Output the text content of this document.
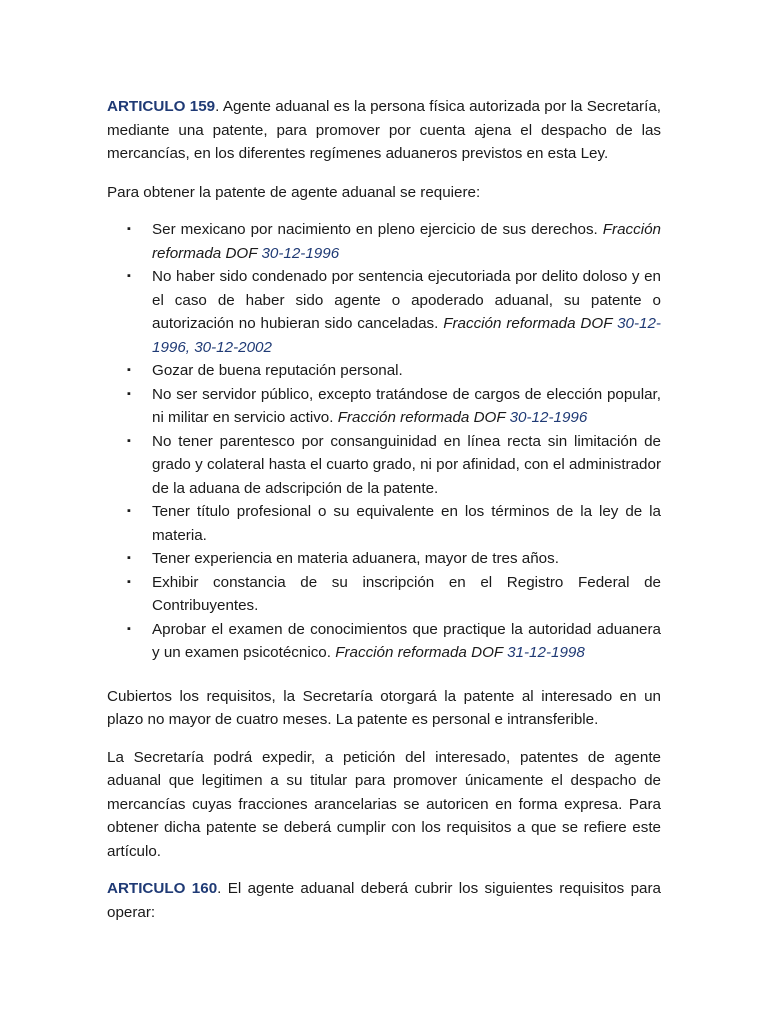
ARTICULO 159. Agente aduanal es la persona física autorizada por la Secretaría, mediante una patente, para promover por cuenta ajena el despacho de las mercancías, en los diferentes regímenes aduaneros previstos en esta Ley.

Para obtener la patente de agente aduanal se requiere:

▪ Ser mexicano por nacimiento en pleno ejercicio de sus derechos. Fracción reformada DOF 30-12-1996
▪ No haber sido condenado por sentencia ejecutoriada por delito doloso y en el caso de haber sido agente o apoderado aduanal, su patente o autorización no hubieran sido canceladas. Fracción reformada DOF 30-12-1996, 30-12-2002
▪ Gozar de buena reputación personal.
▪ No ser servidor público, excepto tratándose de cargos de elección popular, ni militar en servicio activo. Fracción reformada DOF 30-12-1996
▪ No tener parentesco por consanguinidad en línea recta sin limitación de grado y colateral hasta el cuarto grado, ni por afinidad, con el administrador de la aduana de adscripción de la patente.
▪ Tener título profesional o su equivalente en los términos de la ley de la materia.
▪ Tener experiencia en materia aduanera, mayor de tres años.
▪ Exhibir constancia de su inscripción en el Registro Federal de Contribuyentes.
▪ Aprobar el examen de conocimientos que practique la autoridad aduanera y un examen psicotécnico. Fracción reformada DOF 31-12-1998

Cubiertos los requisitos, la Secretaría otorgará la patente al interesado en un plazo no mayor de cuatro meses. La patente es personal e intransferible.

La Secretaría podrá expedir, a petición del interesado, patentes de agente aduanal que legitimen a su titular para promover únicamente el despacho de mercancías cuyas fracciones arancelarias se autoricen en forma expresa. Para obtener dicha patente se deberá cumplir con los requisitos a que se refiere este artículo.

ARTICULO 160. El agente aduanal deberá cubrir los siguientes requisitos para operar:
